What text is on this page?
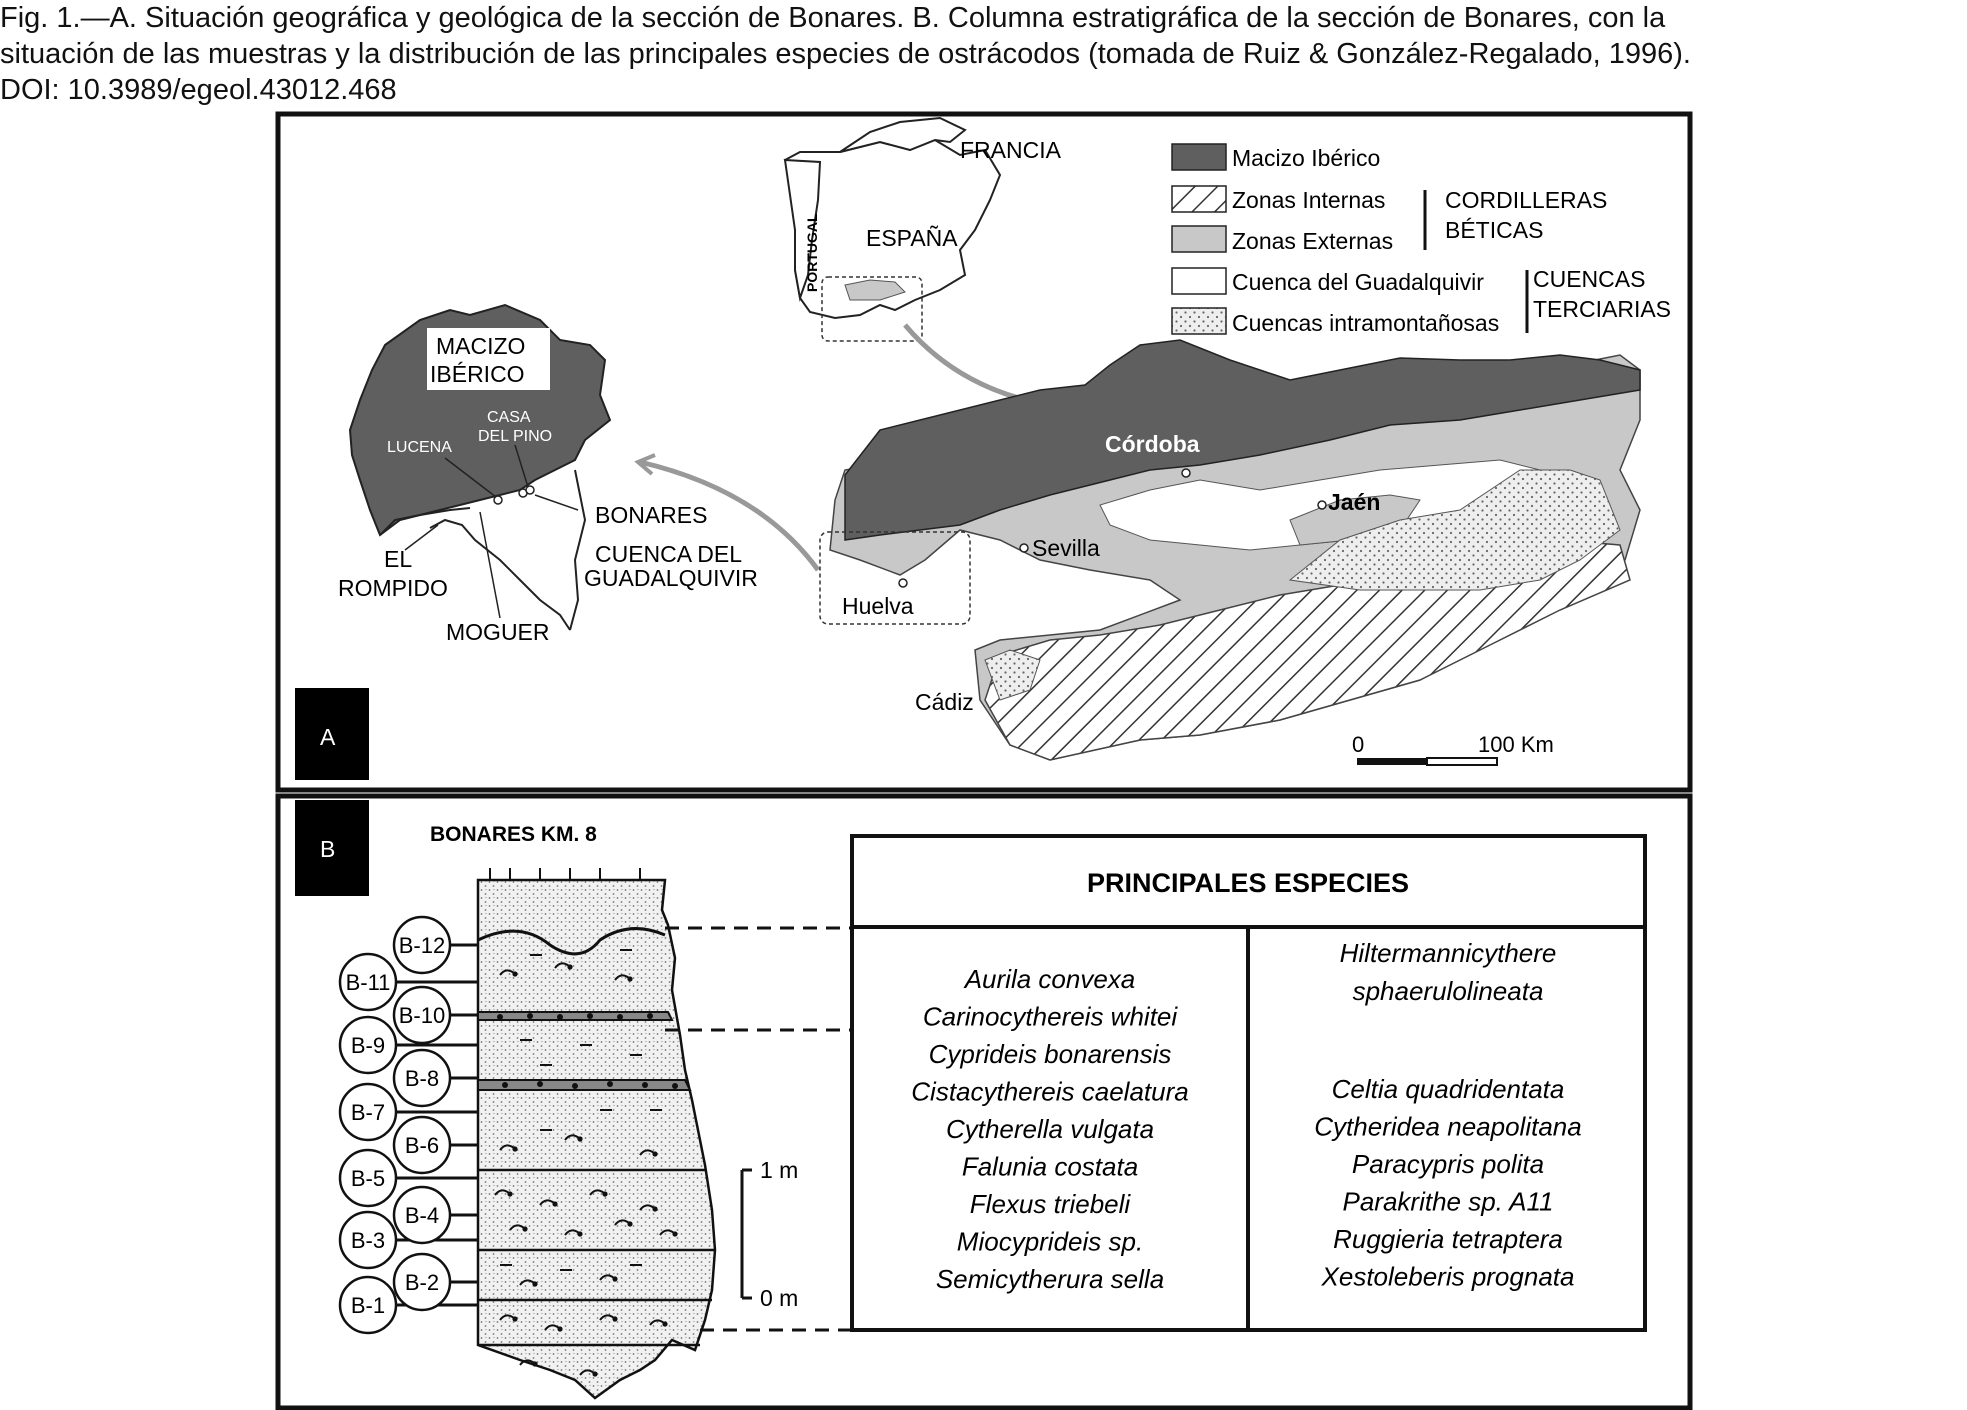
Fig. 1.—A. Situación geográfica y geológica de la sección de Bonares. B. Columna estratigráfica de la sección de Bonares, con la
situación de las muestras y la distribución de las principales especies de ostrácodos (tomada de Ruiz & González-Regalado, 1996).
DOI: 10.3989/egeol.43012.468
FRANCIA
ESPAÑA
PORTUGAL
Macizo Ibérico
Zonas Internas
Zonas Externas
Cuenca del Guadalquivir
Cuencas intramontañosas
CORDILLERAS
BÉTICAS
CUENCAS
TERCIARIAS
MACIZO
IBÉRICO
LUCENA
CASA
DEL PINO
BONARES
CUENCA DEL
GUADALQUIVIR
EL
ROMPIDO
MOGUER
Córdoba
Jaén
Sevilla
Huelva
Cádiz
0	100 Km
A
B
BONARES KM. 8
B-1
B-2
B-3
B-4
B-5
B-6
B-7
B-8
B-9
B-10
B-11
B-12
1 m
0 m
PRINCIPALES ESPECIES
Aurila convexa
Carinocythereis whitei
Cyprideis bonarensis
Cistacythereis caelatura
Cytherella vulgata
Falunia costata
Flexus triebeli
Miocyprideis sp.
Semicytherura sella
Hiltermannicythere
sphaerulolineata
Celtia quadridentata
Cytheridea neapolitana
Paracypris polita
Parakrithe sp. A11
Ruggieria tetraptera
Xestoleberis prognata
